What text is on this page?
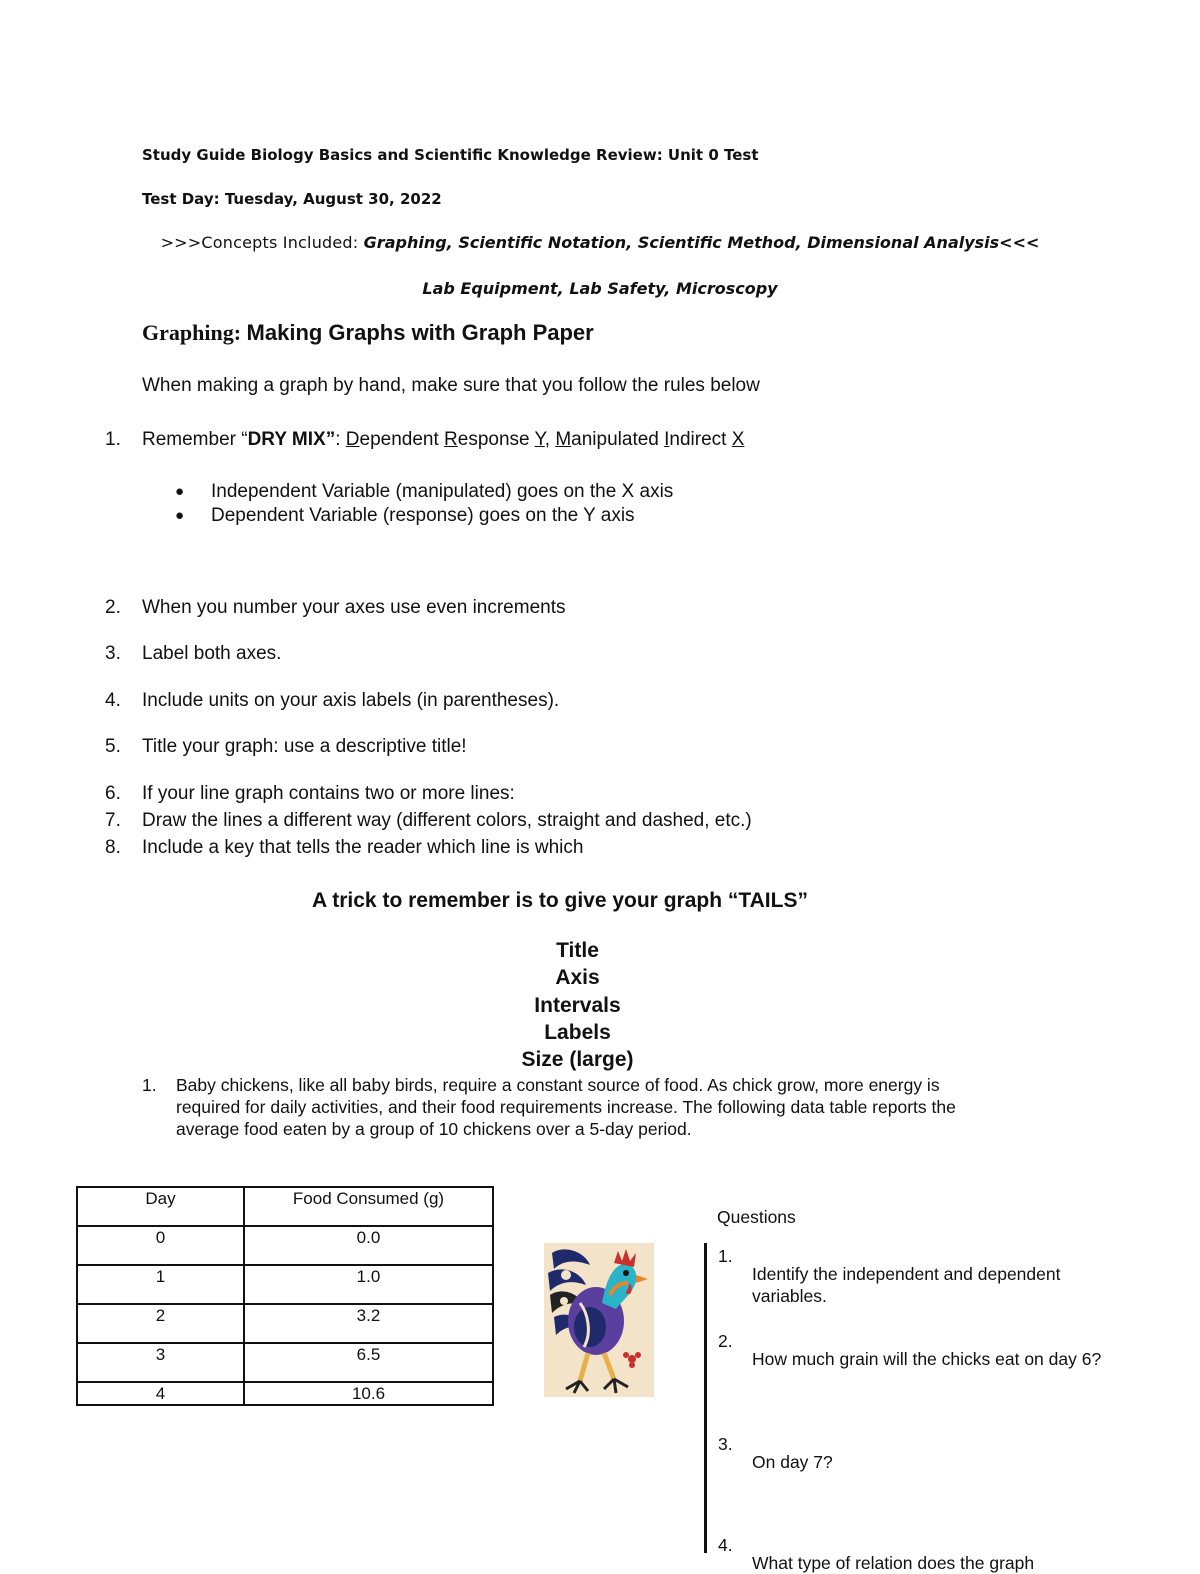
Study Guide Biology Basics and Scientific Knowledge Review: Unit 0 Test

Test Day: Tuesday, August 30, 2022

>>>Concepts Included: Graphing, Scientific Notation, Scientific Method, Dimensional Analysis<<<

Lab Equipment, Lab Safety, Microscopy

Graphing: Making Graphs with Graph Paper

When making a graph by hand, make sure that you follow the rules below

1. Remember “DRY MIX”: Dependent Response Y, Manipulated Indirect X

● Independent Variable (manipulated) goes on the X axis

● Dependent Variable (response) goes on the Y axis

2. When you number your axes use even increments

3. Label both axes.

4. Include units on your axis labels (in parentheses).

5. Title your graph: use a descriptive title!

6. If your line graph contains two or more lines:

7. Draw the lines a different way (different colors, straight and dashed, etc.)

8. Include a key that tells the reader which line is which

A trick to remember is to give your graph “TAILS”

Title

Axis

Intervals

Labels

Size (large)

1. Baby chickens, like all baby birds, require a constant source of food. As chick grow, more energy is

required for daily activities, and their food requirements increase. The following data table reports the

average food eaten by a group of 10 chickens over a 5-day period.

Day	Food Consumed (g)
0	0.0
1	1.0
2	3.2
3	6.5
4	10.6

Questions

1.

Identify the independent and dependent

variables.

2.

How much grain will the chicks eat on day 6?

3.

On day 7?

4.

What type of relation does the graph
